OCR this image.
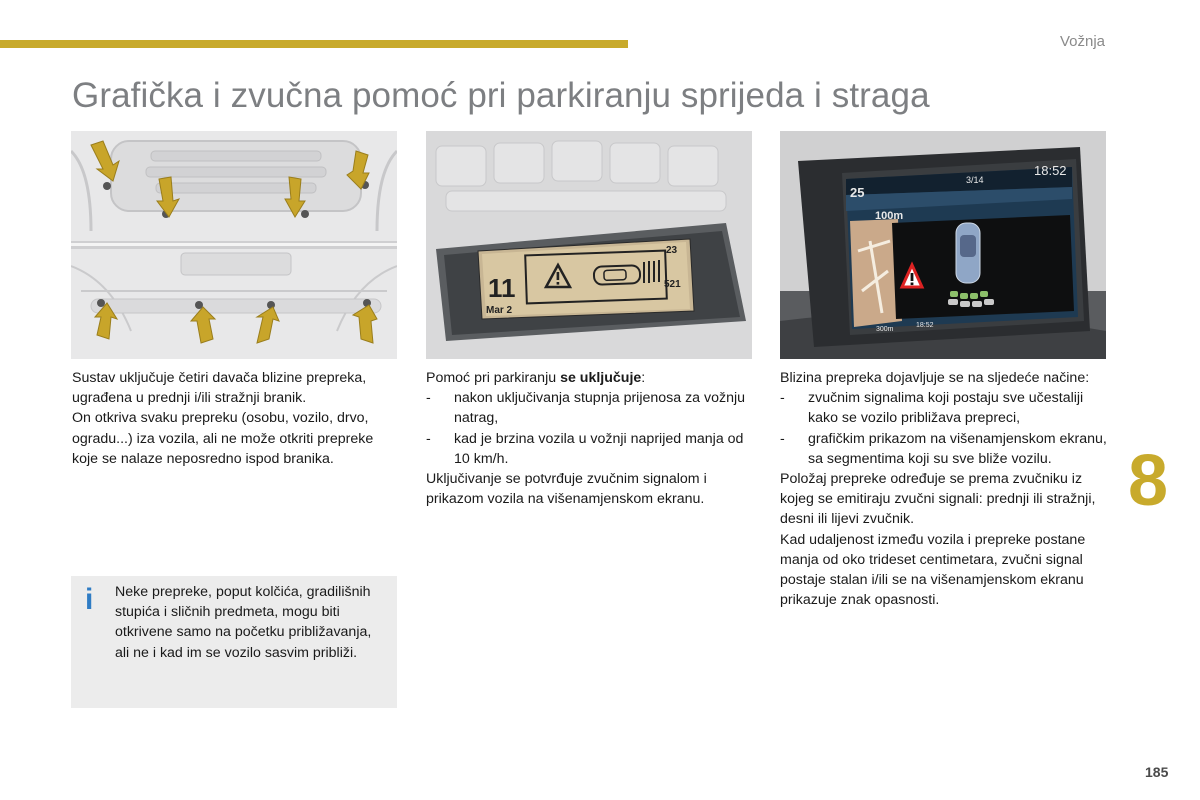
Vožnja
Grafička i zvučna pomoć pri parkiranju sprijeda i straga
11
Mar 2
23
521
25
3/14
18:52
100m
300m
18:52

Sustav uključuje četiri davača blizine prepreka, ugrađena u prednji i/ili stražnji branik.

On otkriva svaku prepreku (osobu, vozilo, drvo, ogradu...) iza vozila, ali ne može otkriti prepreke koje se nalaze neposredno ispod branika.

Pomoć pri parkiranju se uključuje:

- nakon uključivanja stupnja prijenosa za vožnju natrag,
- kad je brzina vozila u vožnji naprijed manja od 10 km/h.

Uključivanje se potvrđuje zvučnim signalom i prikazom vozila na višenamjenskom ekranu.

Blizina prepreka dojavljuje se na sljedeće načine:

- zvučnim signalima koji postaju sve učestaliji kako se vozilo približava prepreci,
- grafičkim prikazom na višenamjenskom ekranu, sa segmentima koji su sve bliže vozilu.

Položaj prepreke određuje se prema zvučniku iz kojeg se emitiraju zvučni signali: prednji ili stražnji, desni ili lijevi zvučnik.

Kad udaljenost između vozila i prepreke postane manja od oko trideset centimetara, zvučni signal postaje stalan i/ili se na višenamjenskom ekranu prikazuje znak opasnosti.

i Neke prepreke, poput kolčića, gradilišnih stupića i sličnih predmeta, mogu biti otkrivene samo na početku približavanja, ali ne i kad im se vozilo sasvim približi.
8
185
